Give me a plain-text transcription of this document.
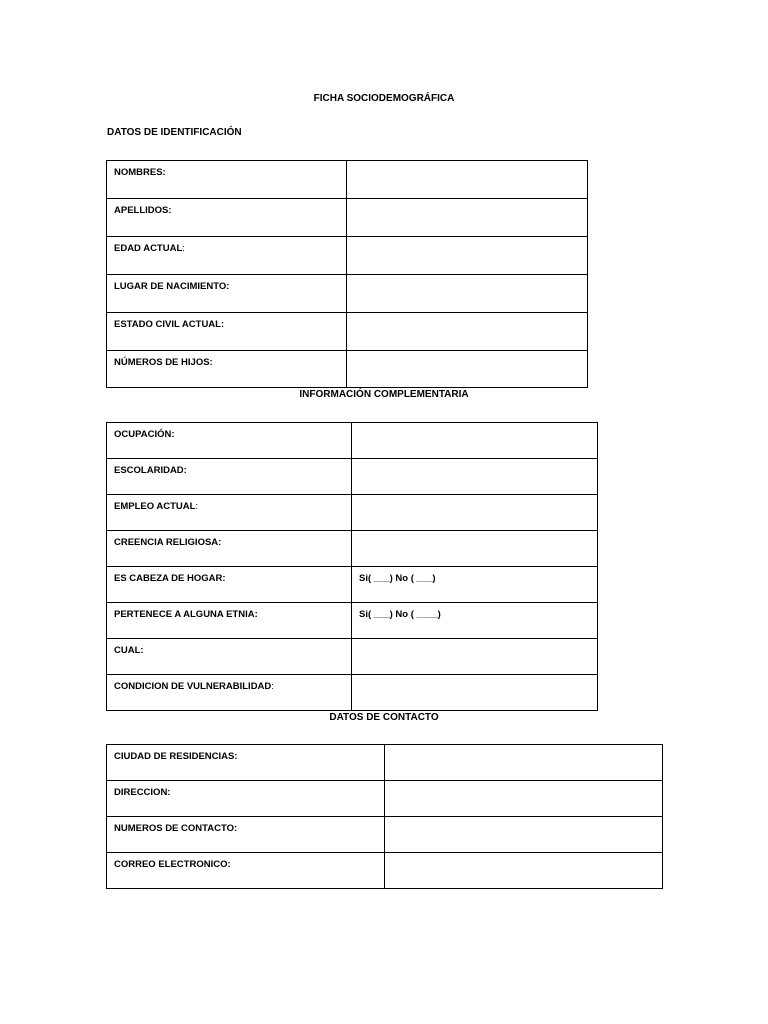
FICHA SOCIODEMOGRÁFICA
DATOS DE IDENTIFICACIÓN
NOMBRES:	

APELLIDOS:	

EDAD ACTUAL:	

LUGAR DE NACIMIENTO:	

ESTADO CIVIL ACTUAL:	

NÚMEROS DE HIJOS:	

INFORMACIÓN COMPLEMENTARIA
OCUPACIÓN:	

ESCOLARIDAD:	

EMPLEO ACTUAL:	

CREENCIA RELIGIOSA:	

ES CABEZA DE HOGAR:	Si( ___) No ( ___)

PERTENECE A ALGUNA ETNIA:	Si( ___) No ( ____)

CUAL:	

CONDICION DE VULNERABILIDAD:	

DATOS DE CONTACTO
CIUDAD DE RESIDENCIAS:	

DIRECCION:	

NUMEROS DE CONTACTO:	

CORREO ELECTRONICO:	
